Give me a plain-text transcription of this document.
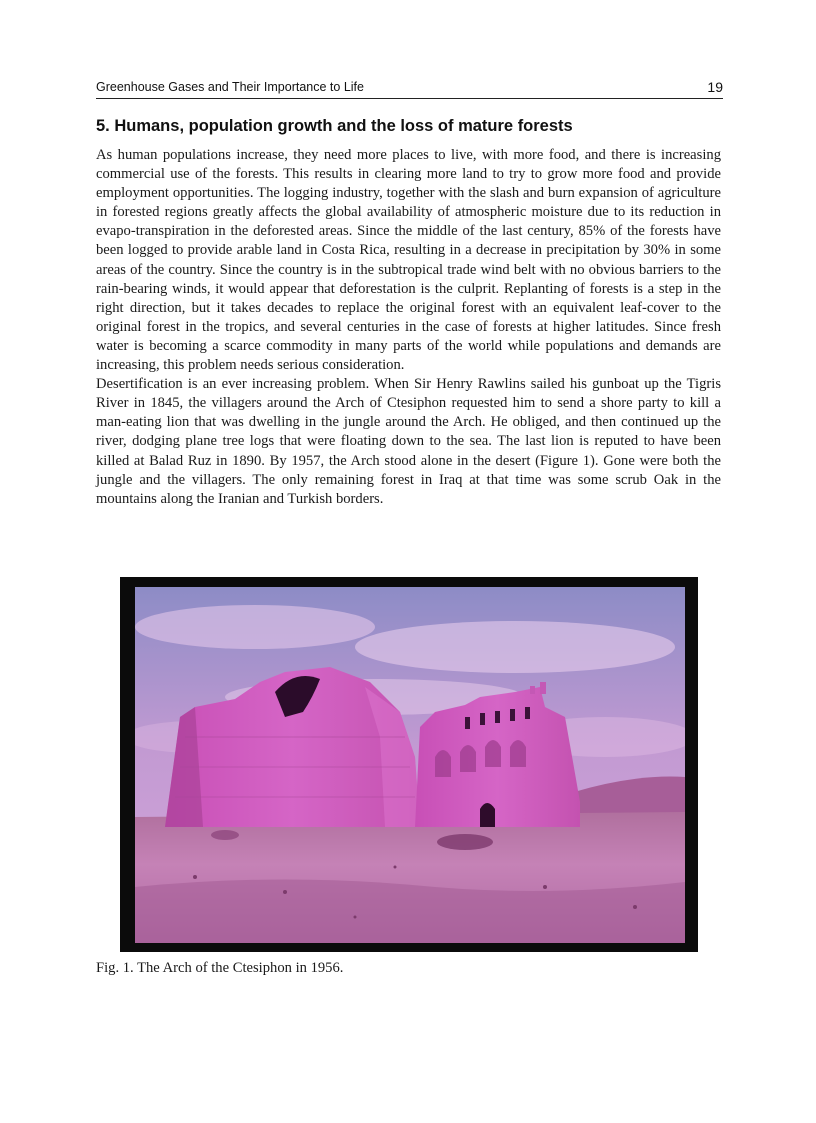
Greenhouse Gases and Their Importance to Life	19
5. Humans, population growth and the loss of mature forests

As human populations increase, they need more places to live, with more food, and there is increasing commercial use of the forests. This results in clearing more land to try to grow more food and provide employment opportunities. The logging industry, together with the slash and burn expansion of agriculture in forested regions greatly affects the global availability of atmospheric moisture due to its reduction in evapo-transpiration in the deforested areas. Since the middle of the last century, 85% of the forests have been logged to provide arable land in Costa Rica, resulting in a decrease in precipitation by 30% in some areas of the country. Since the country is in the subtropical trade wind belt with no obvious barriers to the rain-bearing winds, it would appear that deforestation is the culprit. Replanting of forests is a step in the right direction, but it takes decades to replace the original forest with an equivalent leaf-cover to the original forest in the tropics, and several centuries in the case of forests at higher latitudes. Since fresh water is becoming a scarce commodity in many parts of the world while populations and demands are increasing, this problem needs serious consideration.

Desertification is an ever increasing problem. When Sir Henry Rawlins sailed his gunboat up the Tigris River in 1845, the villagers around the Arch of Ctesiphon requested him to send a shore party to kill a man-eating lion that was dwelling in the jungle around the Arch. He obliged, and then continued up the river, dodging plane tree logs that were floating down to the sea. The last lion is reputed to have been killed at Balad Ruz in 1890. By 1957, the Arch stood alone in the desert (Figure 1). Gone were both the jungle and the villagers. The only remaining forest in Iraq at that time was some scrub Oak in the mountains along the Iranian and Turkish borders.

Fig. 1. The Arch of the Ctesiphon in 1956.
